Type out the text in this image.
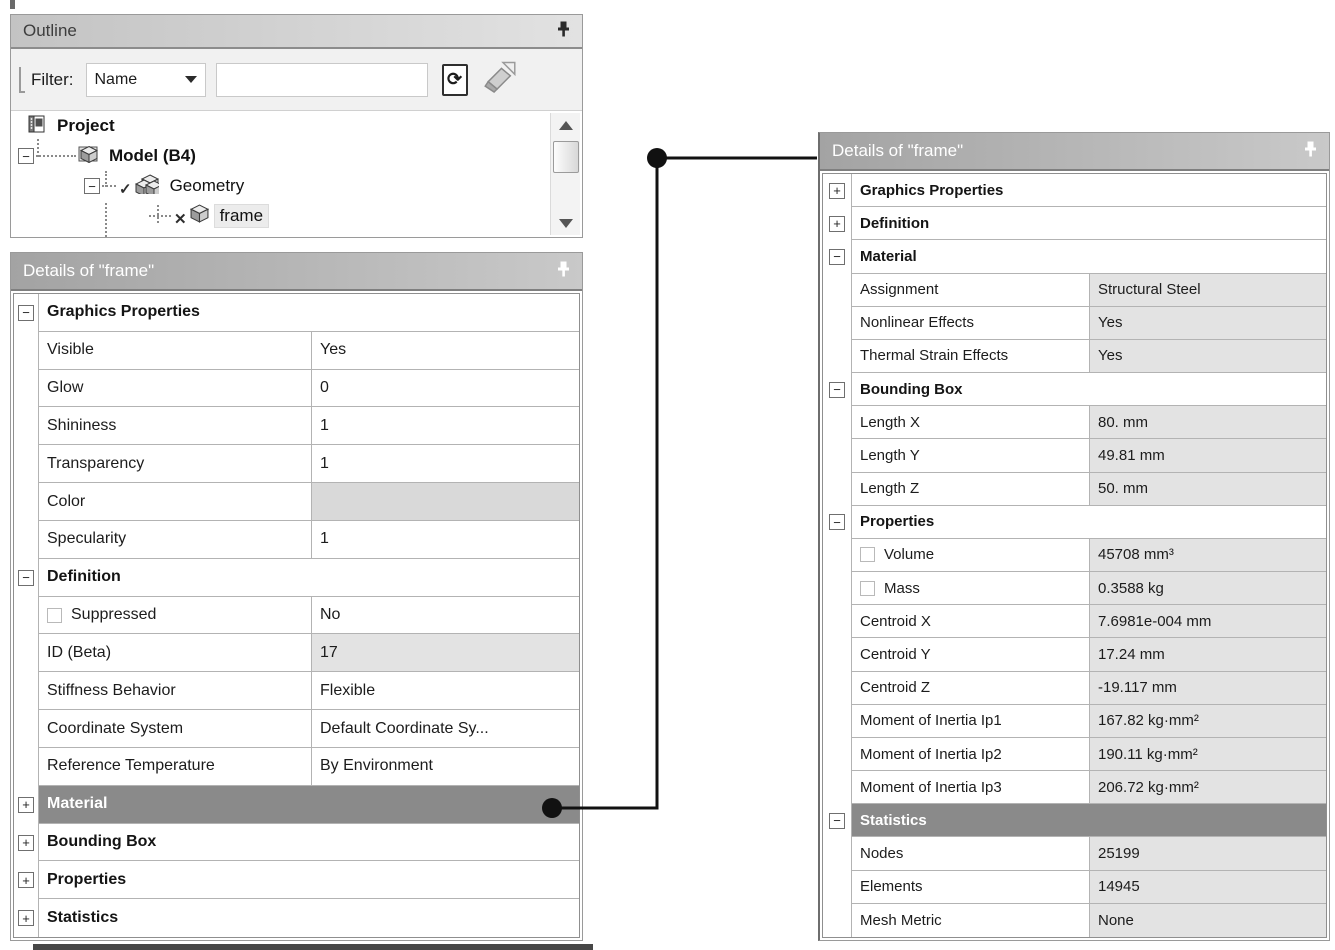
Outline
Filter: Name	⟳
Project
−	Model (B4)
− ✓ Geometry
✕ frame
Details of "frame"
−	Graphics Properties
Visible	Yes
Glow	0
Shininess	1
Transparency	1
Color
Specularity	1
−	Definition
Suppressed	No
ID (Beta)	17
Stiffness Behavior	Flexible
Coordinate System	Default Coordinate Sy...
Reference Temperature	By Environment
+	Material
+	Bounding Box
+	Properties
+	Statistics
Details of "frame"
+	Graphics Properties
+	Definition
−	Material
Assignment	Structural Steel
Nonlinear Effects	Yes
Thermal Strain Effects	Yes
−	Bounding Box
Length X	80. mm
Length Y	49.81 mm
Length Z	50. mm
−	Properties
Volume	45708 mm³
Mass	0.3588 kg
Centroid X	7.6981e-004 mm
Centroid Y	17.24 mm
Centroid Z	-19.117 mm
Moment of Inertia Ip1	167.82 kg·mm²
Moment of Inertia Ip2	190.11 kg·mm²
Moment of Inertia Ip3	206.72 kg·mm²
−	Statistics
Nodes	25199
Elements	14945
Mesh Metric	None
